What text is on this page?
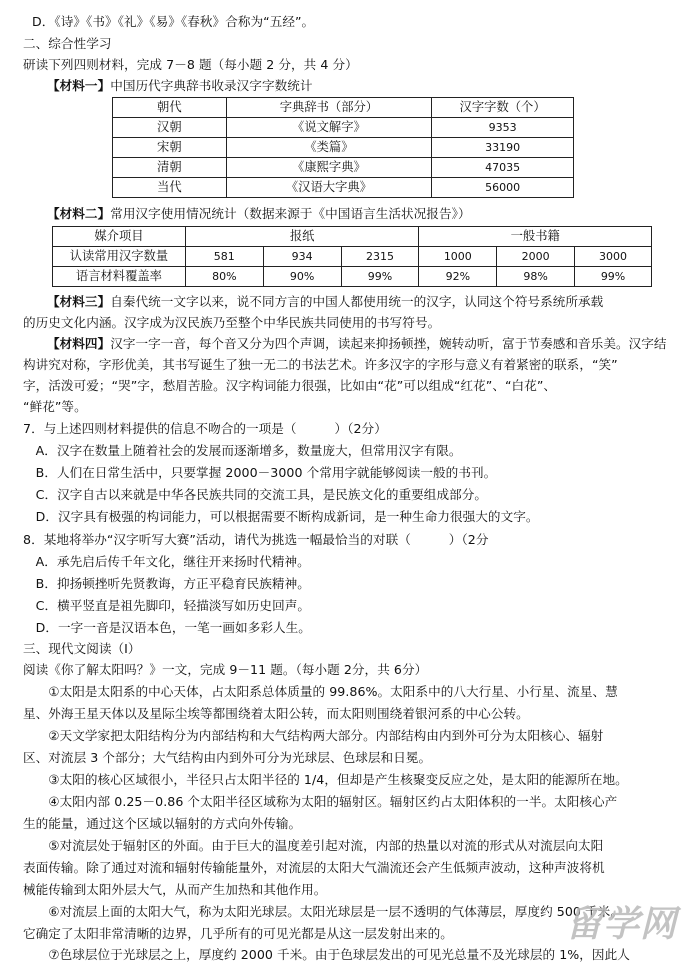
D．《诗》《书》《礼》《易》《春秋》合称为“五经”。
二、综合性学习
研读下列四则材料，完成 7－8 题（每小题 2 分，共 4 分）
【材料一】中国历代字典辞书收录汉字字数统计
朝代	字典辞书（部分）	汉字字数（个）
汉朝	《说文解字》	9353
宋朝	《类篇》	33190
清朝	《康熙字典》	47035
当代	《汉语大字典》	56000
【材料二】常用汉字使用情况统计（数据来源于《中国语言生活状况报告》）
媒介项目	报纸			一般书籍		
认读常用汉字数量	581	934	2315	1000	2000	3000
语言材料覆盖率	80%	90%	99%	92%	98%	99%
【材料三】自秦代统一文字以来，说不同方言的中国人都使用统一的汉字，认同这个符号系统所承载
的历史文化内涵。汉字成为汉民族乃至整个中华民族共同使用的书写符号。
【材料四】汉字一字一音，每个音又分为四个声调，读起来抑扬顿挫，婉转动听，富于节奏感和音乐美。汉字结
构讲究对称，字形优美，其书写诞生了独一无二的书法艺术。许多汉字的字形与意义有着紧密的联系，“笑”
字，活泼可爱；“哭”字，愁眉苦脸。汉字构词能力很强，比如由“花”可以组成“红花”、“白花”、
“鲜花”等。
7．与上述四则材料提供的信息不吻合的一项是（　　　）（2分）
　A．汉字在数量上随着社会的发展而逐渐增多，数量庞大，但常用汉字有限。
　B．人们在日常生活中，只要掌握 2000－3000 个常用字就能够阅读一般的书刊。
　C．汉字自古以来就是中华各民族共同的交流工具，是民族文化的重要组成部分。
　D．汉字具有极强的构词能力，可以根据需要不断构成新词，是一种生命力很强大的文字。
8．某地将举办“汉字听写大赛”活动，请代为挑选一幅最恰当的对联（　　　）（2分
　A．承先启后传千年文化，继往开来扬时代精神。
　B．抑扬顿挫听先贤教诲，方正平稳育民族精神。
　C．横平竖直是祖先脚印，轻描淡写如历史回声。
　D．一字一音是汉语本色，一笔一画如多彩人生。
三、现代文阅读（Ⅰ）
阅读《你了解太阳吗？》一文，完成 9－11 题。（每小题 2分，共 6分）
　　①太阳是太阳系的中心天体，占太阳系总体质量的 99.86%。太阳系中的八大行星、小行星、流星、慧
星、外海王星天体以及星际尘埃等都围绕着太阳公转，而太阳则围绕着银河系的中心公转。
　　②天文学家把太阳结构分为内部结构和大气结构两大部分。内部结构由内到外可分为太阳核心、辐射
区、对流层 3 个部分；大气结构由内到外可分为光球层、色球层和日冕。
　　③太阳的核心区域很小，半径只占太阳半径的 1/4，但却是产生核聚变反应之处，是太阳的能源所在地。
　　④太阳内部 0.25－0.86 个太阳半径区域称为太阳的辐射区。辐射区约占太阳体积的一半。太阳核心产
生的能量，通过这个区域以辐射的方式向外传输。
　　⑤对流层处于辐射区的外面。由于巨大的温度差引起对流，内部的热量以对流的形式从对流层向太阳
表面传输。除了通过对流和辐射传输能量外，对流层的太阳大气湍流还会产生低频声波动，这种声波将机
械能传输到太阳外层大气，从而产生加热和其他作用。
　　⑥对流层上面的太阳大气，称为太阳光球层。太阳光球层是一层不透明的气体薄层，厚度约 500 千米。
它确定了太阳非常清晰的边界，几乎所有的可见光都是从这一层发射出来的。
　　⑦色球层位于光球层之上，厚度约 2000 千米。由于色球层发出的可见光总量不及光球层的 1%，因此人
留学网
